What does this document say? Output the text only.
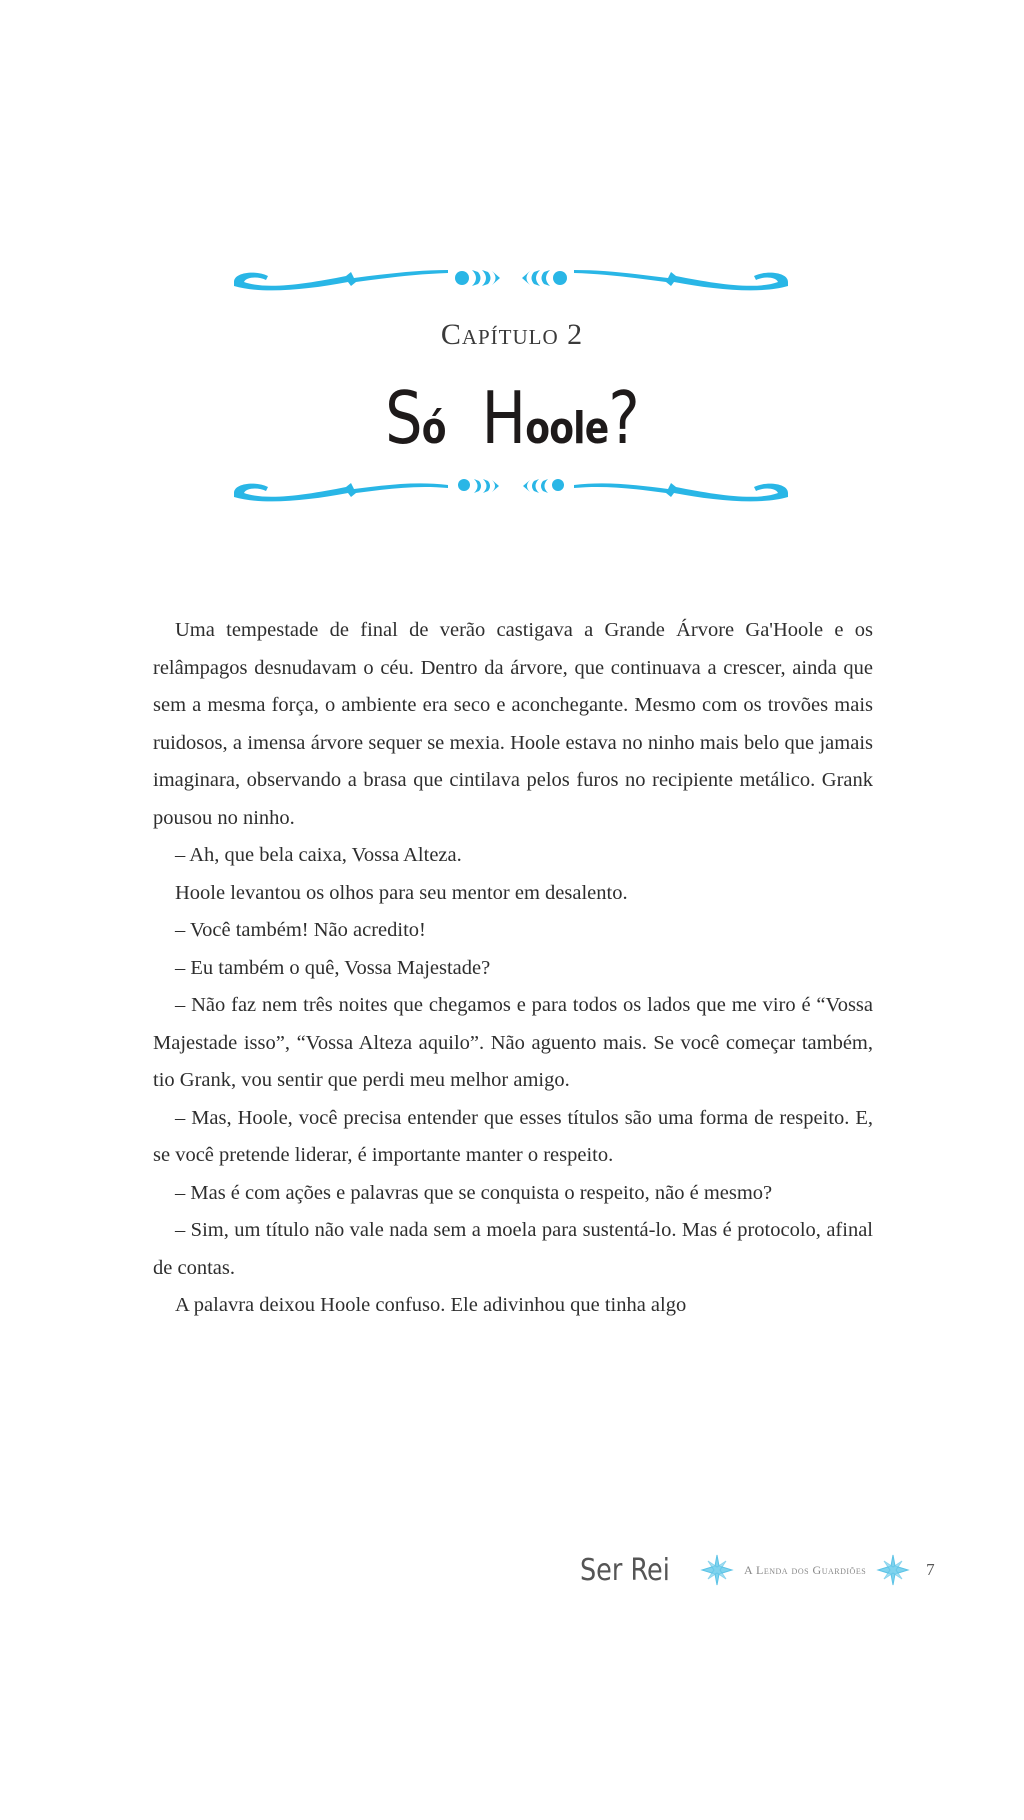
Capítulo 2
Só Hoole?

Uma tempestade de final de verão castigava a Grande Árvore Ga'Hoole e os relâmpagos desnudavam o céu. Dentro da árvore, que continuava a crescer, ainda que sem a mesma força, o ambiente era seco e aconchegante. Mesmo com os trovões mais ruidosos, a imensa árvore sequer se mexia. Hoole estava no ninho mais belo que jamais imaginara, observando a brasa que cintilava pelos furos no recipiente metálico. Grank pousou no ninho.

– Ah, que bela caixa, Vossa Alteza.

Hoole levantou os olhos para seu mentor em desalento.

– Você também! Não acredito!

– Eu também o quê, Vossa Majestade?

– Não faz nem três noites que chegamos e para todos os lados que me viro é “Vossa Majestade isso”, “Vossa Alteza aquilo”. Não aguento mais. Se você começar também, tio Grank, vou sentir que perdi meu melhor amigo.

– Mas, Hoole, você precisa entender que esses títulos são uma forma de respeito. E, se você pretende liderar, é importante manter o respeito.

– Mas é com ações e palavras que se conquista o respeito, não é mesmo?

– Sim, um título não vale nada sem a moela para sustentá-lo. Mas é protocolo, afinal de contas.

A palavra deixou Hoole confuso. Ele adivinhou que tinha algo

Ser Rei	A Lenda dos Guardiões	7
